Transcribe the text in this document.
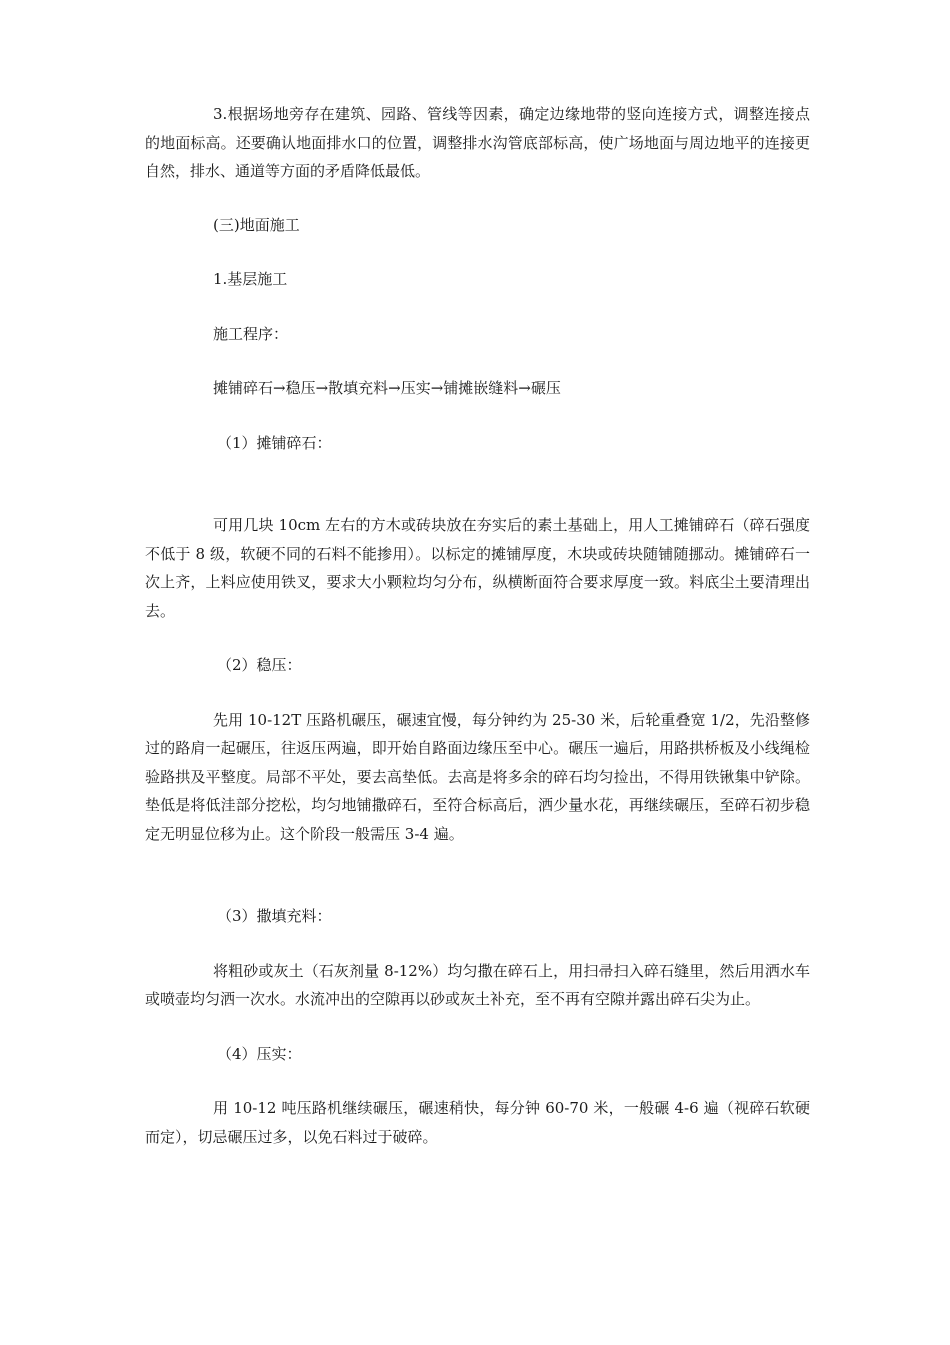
3.根据场地旁存在建筑、园路、管线等因素，确定边缘地带的竖向连接方式，调整连接点的地面标高。还要确认地面排水口的位置，调整排水沟管底部标高，使广场地面与周边地平的连接更自然，排水、通道等方面的矛盾降低最低。

(三)地面施工

1.基层施工

施工程序：

摊铺碎石→稳压→散填充料→压实→铺摊嵌缝料→碾压

（1）摊铺碎石：

可用几块 10cm 左右的方木或砖块放在夯实后的素土基础上，用人工摊铺碎石（碎石强度不低于 8 级，软硬不同的石料不能掺用）。以标定的摊铺厚度，木块或砖块随铺随挪动。摊铺碎石一次上齐，上料应使用铁叉，要求大小颗粒均匀分布，纵横断面符合要求厚度一致。料底尘土要清理出去。

（2）稳压：

先用 10-12T 压路机碾压，碾速宜慢，每分钟约为 25-30 米，后轮重叠宽 1/2，先沿整修过的路肩一起碾压，往返压两遍，即开始自路面边缘压至中心。碾压一遍后，用路拱桥板及小线绳检验路拱及平整度。局部不平处，要去高垫低。去高是将多余的碎石均匀捡出，不得用铁锹集中铲除。垫低是将低洼部分挖松，均匀地铺撒碎石，至符合标高后，洒少量水花，再继续碾压，至碎石初步稳定无明显位移为止。这个阶段一般需压 3-4 遍。

（3）撒填充料：

将粗砂或灰土（石灰剂量 8-12%）均匀撒在碎石上，用扫帚扫入碎石缝里，然后用洒水车或喷壶均匀洒一次水。水流冲出的空隙再以砂或灰土补充，至不再有空隙并露出碎石尖为止。

（4）压实：

用 10-12 吨压路机继续碾压，碾速稍快，每分钟 60-70 米，一般碾 4-6 遍（视碎石软硬而定），切忌碾压过多，以免石料过于破碎。
